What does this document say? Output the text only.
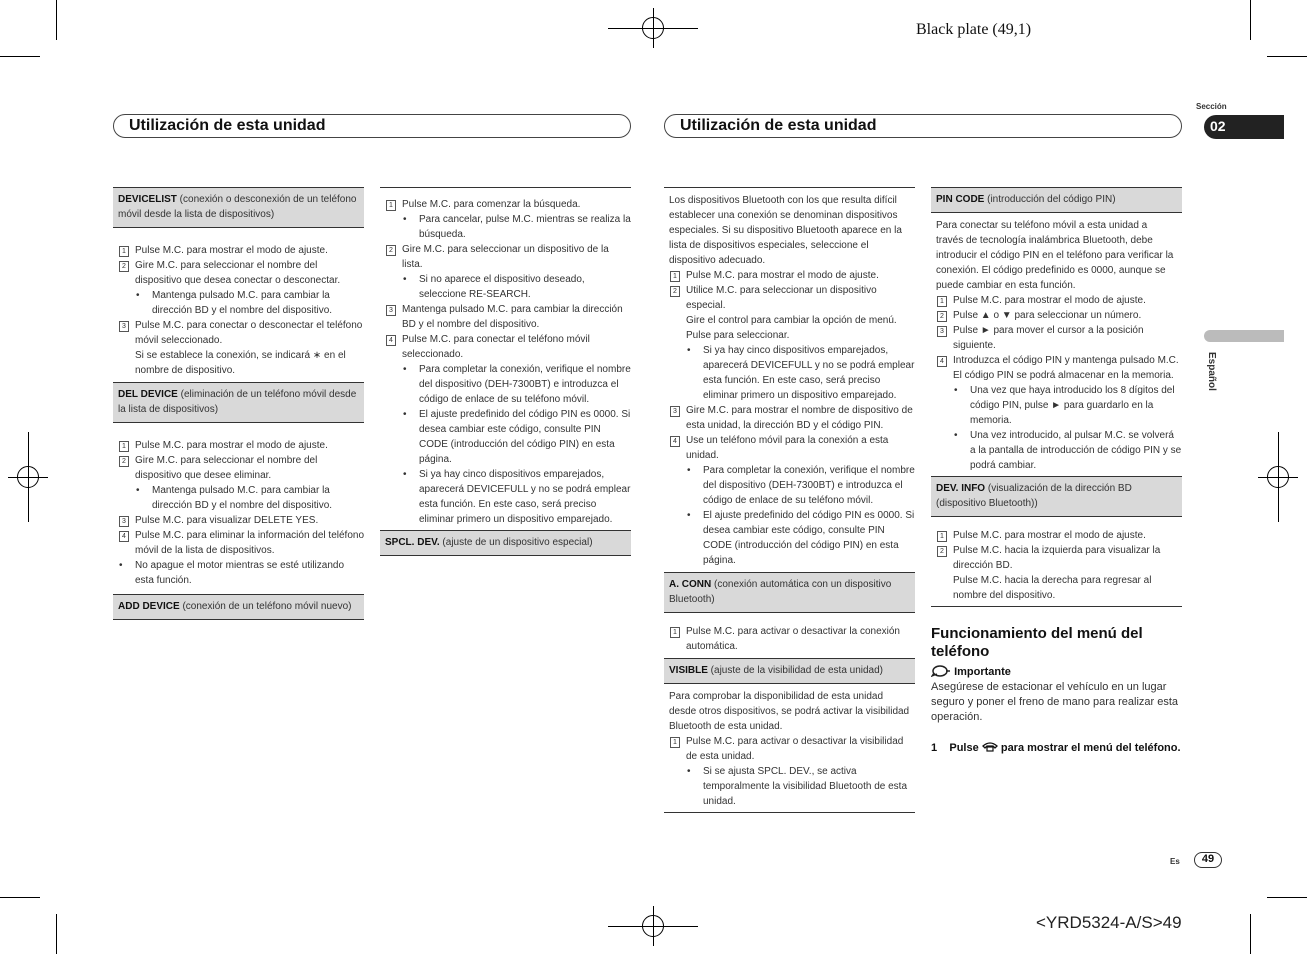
Black plate (49,1)
<YRD5324-A/S>49
Utilización de esta unidad	Utilización de esta unidad
Sección
02
Español
Es	49
DEVICELIST (conexión o desconexión de un teléfono móvil desde la lista de dispositivos)

1 Pulse M.C. para mostrar el modo de ajuste.

2 Gire M.C. para seleccionar el nombre del dispositivo que desea conectar o desconectar.

• Mantenga pulsado M.C. para cambiar la dirección BD y el nombre del dispositivo.

3 Pulse M.C. para conectar o desconectar el teléfono móvil seleccionado.

Si se establece la conexión, se indicará ∗ en el nombre de dispositivo.

DEL DEVICE (eliminación de un teléfono móvil desde la lista de dispositivos)

1 Pulse M.C. para mostrar el modo de ajuste.

2 Gire M.C. para seleccionar el nombre del dispositivo que desee eliminar.

• Mantenga pulsado M.C. para cambiar la dirección BD y el nombre del dispositivo.

3 Pulse M.C. para visualizar DELETE YES.

4 Pulse M.C. para eliminar la información del teléfono móvil de la lista de dispositivos.

• No apague el motor mientras se esté utilizando esta función.

ADD DEVICE (conexión de un teléfono móvil nuevo)

1 Pulse M.C. para comenzar la búsqueda.

• Para cancelar, pulse M.C. mientras se realiza la búsqueda.

2 Gire M.C. para seleccionar un dispositivo de la lista.

• Si no aparece el dispositivo deseado, seleccione RE-SEARCH.

3 Mantenga pulsado M.C. para cambiar la dirección BD y el nombre del dispositivo.

4 Pulse M.C. para conectar el teléfono móvil seleccionado.

• Para completar la conexión, verifique el nombre del dispositivo (DEH-7300BT) e introduzca el código de enlace de su teléfono móvil.

• El ajuste predefinido del código PIN es 0000. Si desea cambiar este código, consulte PIN CODE (introducción del código PIN) en esta página.

• Si ya hay cinco dispositivos emparejados, aparecerá DEVICEFULL y no se podrá emplear esta función. En este caso, será preciso eliminar primero un dispositivo emparejado.

SPCL. DEV. (ajuste de un dispositivo especial)

Los dispositivos Bluetooth con los que resulta difícil establecer una conexión se denominan dispositivos especiales. Si su dispositivo Bluetooth aparece en la lista de dispositivos especiales, seleccione el dispositivo adecuado.

1 Pulse M.C. para mostrar el modo de ajuste.

2 Utilice M.C. para seleccionar un dispositivo especial.

Gire el control para cambiar la opción de menú. Pulse para seleccionar.

• Si ya hay cinco dispositivos emparejados, aparecerá DEVICEFULL y no se podrá emplear esta función. En este caso, será preciso eliminar primero un dispositivo emparejado.

3 Gire M.C. para mostrar el nombre de dispositivo de esta unidad, la dirección BD y el código PIN.

4 Use un teléfono móvil para la conexión a esta unidad.

• Para completar la conexión, verifique el nombre del dispositivo (DEH-7300BT) e introduzca el código de enlace de su teléfono móvil.

• El ajuste predefinido del código PIN es 0000. Si desea cambiar este código, consulte PIN CODE (introducción del código PIN) en esta página.

A. CONN (conexión automática con un dispositivo Bluetooth)

1 Pulse M.C. para activar o desactivar la conexión automática.

VISIBLE (ajuste de la visibilidad de esta unidad)

Para comprobar la disponibilidad de esta unidad desde otros dispositivos, se podrá activar la visibilidad Bluetooth de esta unidad.

1 Pulse M.C. para activar o desactivar la visibilidad de esta unidad.

• Si se ajusta SPCL. DEV., se activa temporalmente la visibilidad Bluetooth de esta unidad.

PIN CODE (introducción del código PIN)

Para conectar su teléfono móvil a esta unidad a través de tecnología inalámbrica Bluetooth, debe introducir el código PIN en el teléfono para verificar la conexión. El código predefinido es 0000, aunque se puede cambiar en esta función.

1 Pulse M.C. para mostrar el modo de ajuste.

2 Pulse ▲ o ▼ para seleccionar un número.

3 Pulse ► para mover el cursor a la posición siguiente.

4 Introduzca el código PIN y mantenga pulsado M.C.

El código PIN se podrá almacenar en la memoria.

• Una vez que haya introducido los 8 dígitos del código PIN, pulse ► para guardarlo en la memoria.

• Una vez introducido, al pulsar M.C. se volverá a la pantalla de introducción de código PIN y se podrá cambiar.

DEV. INFO (visualización de la dirección BD (dispositivo Bluetooth))

1 Pulse M.C. para mostrar el modo de ajuste.

2 Pulse M.C. hacia la izquierda para visualizar la dirección BD.

Pulse M.C. hacia la derecha para regresar al nombre del dispositivo.

Funcionamiento del menú del teléfono
Importante
Asegúrese de estacionar el vehículo en un lugar seguro y poner el freno de mano para realizar esta operación.
1 Pulse para mostrar el menú del teléfono.
